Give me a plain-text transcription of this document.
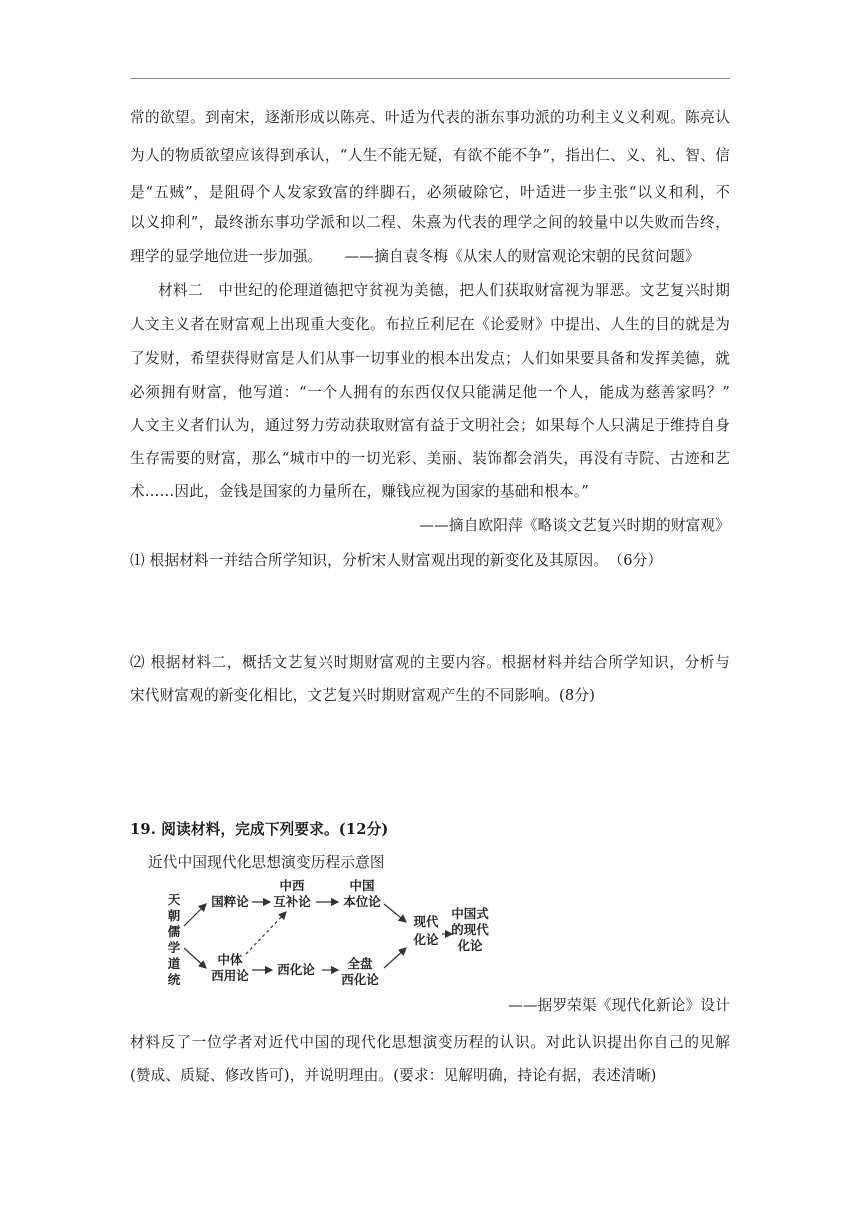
常的欲望。到南宋，逐渐形成以陈亮、叶适为代表的浙东事功派的功利主义义利观。陈亮认
为人的物质欲望应该得到承认，“人生不能无疑，有欲不能不争”，指出仁、义、礼、智、信
是“五贼”，是阻碍个人发家致富的绊脚石，必须破除它，叶适进一步主张“以义和利，不
以义抑利”，最终浙东事功学派和以二程、朱熹为代表的理学之间的较量中以失败而告终，
理学的显学地位进一步加强。　　——摘自袁冬梅《从宋人的财富观论宋朝的民贫问题》
材料二　中世纪的伦理道德把守贫视为美德，把人们获取财富视为罪恶。文艺复兴时期
人文主义者在财富观上出现重大变化。布拉丘利尼在《论爱财》中提出、人生的目的就是为
了发财，希望获得财富是人们从事一切事业的根本出发点；人们如果要具备和发挥美德，就
必须拥有财富，他写道：“一个人拥有的东西仅仅只能满足他一个人，能成为慈善家吗？”
人文主义者们认为，通过努力劳动获取财富有益于文明社会；如果每个人只满足于维持自身
生存需要的财富，那么“城市中的一切光彩、美丽、装饰都会消失，再没有寺院、古迹和艺
术……因此，金钱是国家的力量所在，赚钱应视为国家的基础和根本。”
——摘自欧阳萍《略谈文艺复兴时期的财富观》
⑴ 根据材料一并结合所学知识，分析宋人财富观出现的新变化及其原因。　（6分）
⑵ 根据材料二，概括文艺复兴时期财富观的主要内容。根据材料并结合所学知识，分析与
宋代财富观的新变化相比，文艺复兴时期财富观产生的不同影响。(8分)
19. 阅读材料，完成下列要求。(12分)
近代中国现代化思想演变历程示意图
天
朝
儒
学
道
统
国粹论
中西
互补论
中国
本位论
现代
化论
中国式
的现代
化论
中体
西用论 西化论	全盘
西化论
——据罗荣渠《现代化新论》设计
材料反了一位学者对近代中国的现代化思想演变历程的认识。对此认识提出你自己的见解
(赞成、质疑、修改皆可)，并说明理由。(要求：见解明确，持论有据，表述清晰)
